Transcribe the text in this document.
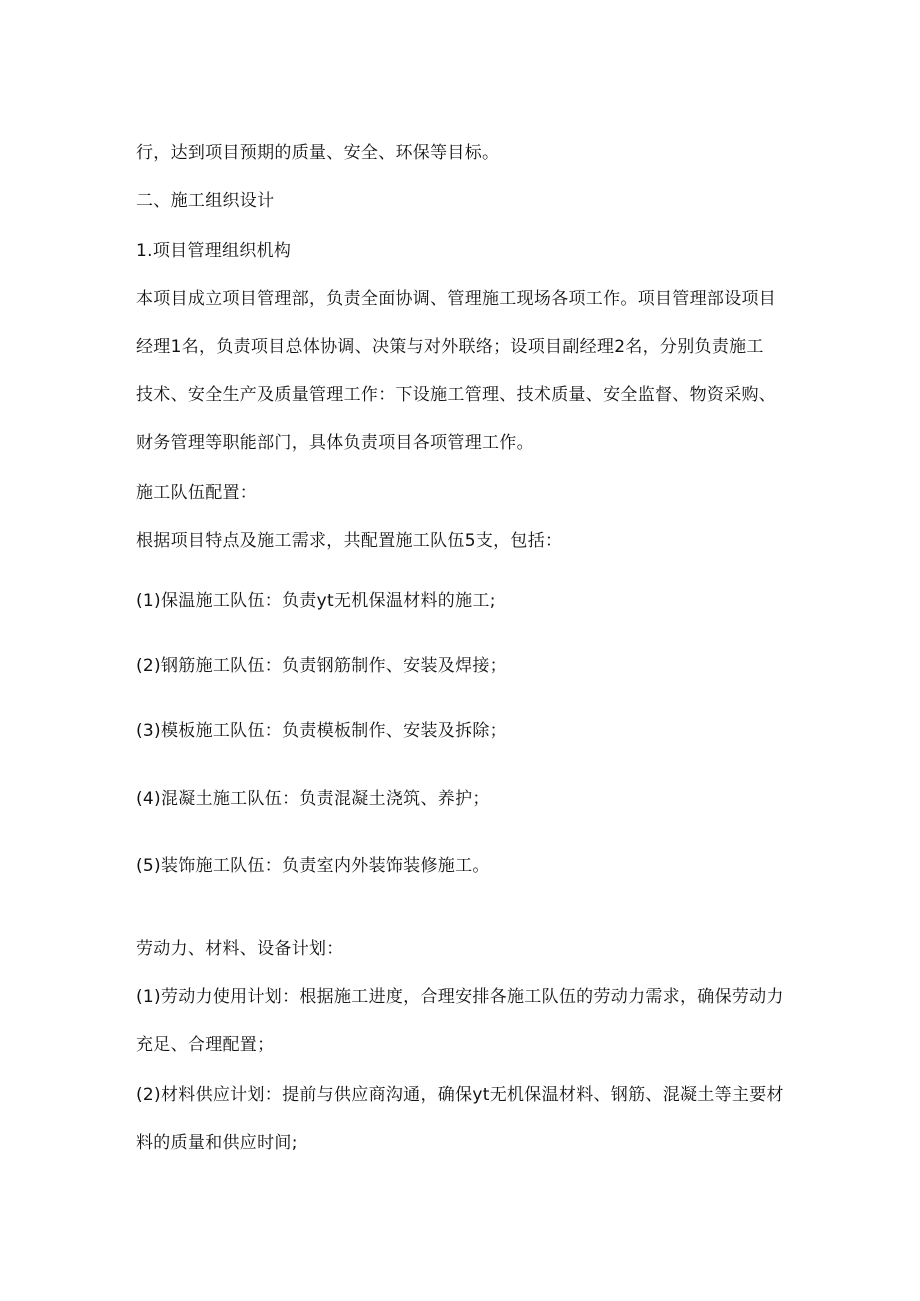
行，达到项目预期的质量、安全、环保等目标。

二、施工组织设计

1.项目管理组织机构

本项目成立项目管理部，负责全面协调、管理施工现场各项工作。项目管理部设项目

经理1名，负责项目总体协调、决策与对外联络；设项目副经理2名，分别负责施工

技术、安全生产及质量管理工作：下设施工管理、技术质量、安全监督、物资采购、

财务管理等职能部门，具体负责项目各项管理工作。

施工队伍配置：

根据项目特点及施工需求，共配置施工队伍5支，包括：

(1)保温施工队伍：负责yt无机保温材料的施工;

(2)钢筋施工队伍：负责钢筋制作、安装及焊接；

(3)模板施工队伍：负责模板制作、安装及拆除；

(4)混凝土施工队伍：负责混凝土浇筑、养护；

(5)装饰施工队伍：负责室内外装饰装修施工。

劳动力、材料、设备计划：

(1)劳动力使用计划：根据施工进度，合理安排各施工队伍的劳动力需求，确保劳动力

充足、合理配置；

(2)材料供应计划：提前与供应商沟通，确保yt无机保温材料、钢筋、混凝土等主要材

料的质量和供应时间;
